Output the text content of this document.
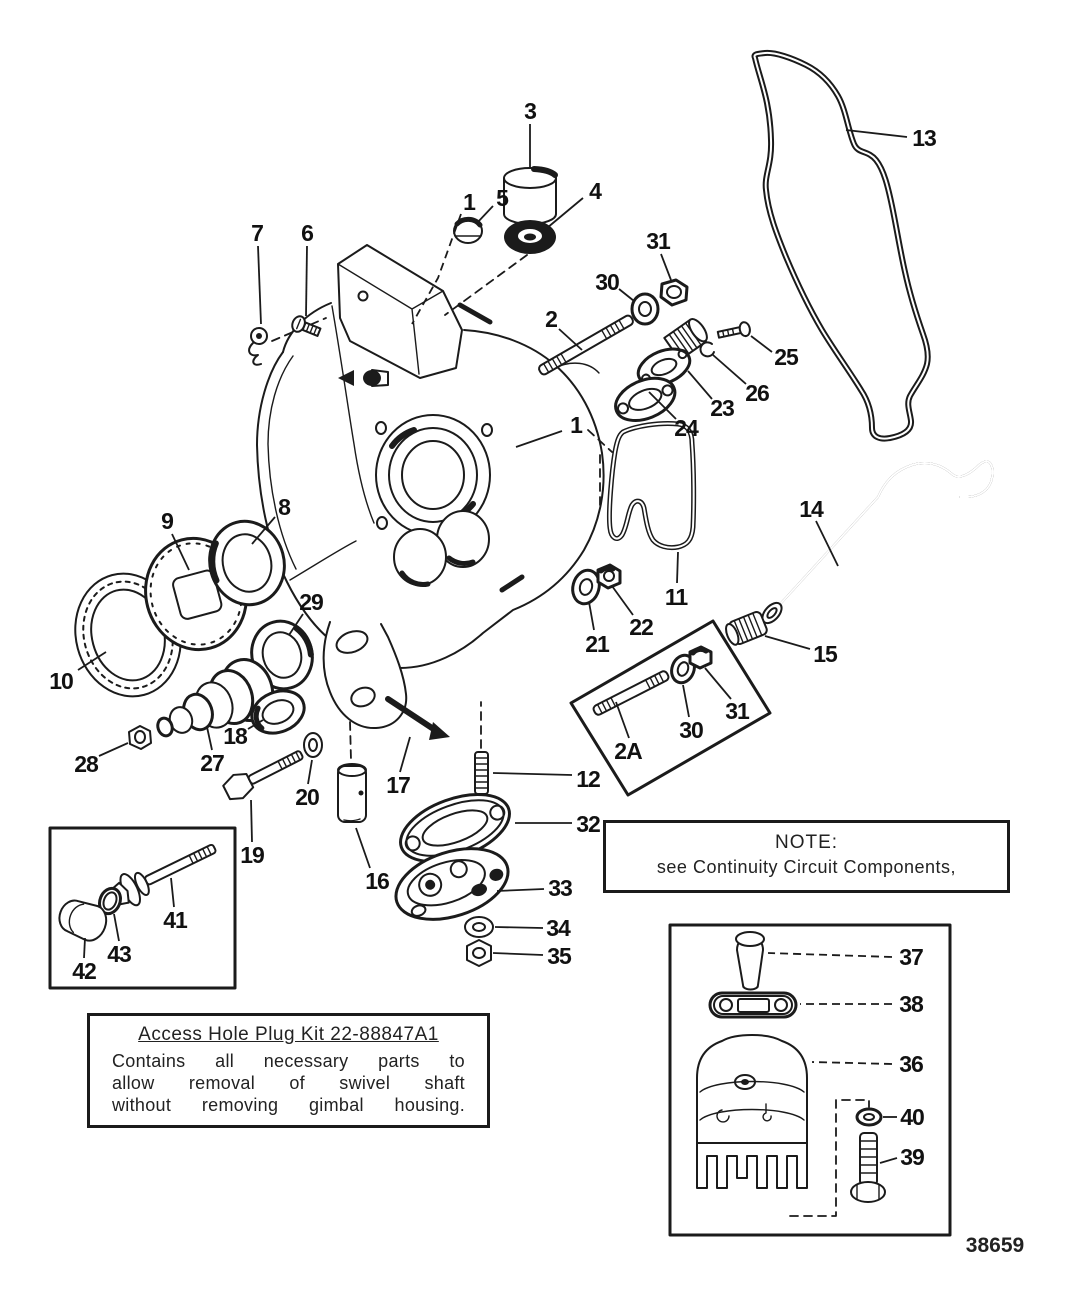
3
1 5	4
7 6	31
30
2
25
26
23
24
13
1
8
9
10
29
28	27
18
20
19
17
16
12
32
33
34
35
21
22
11
14
15
2A
30
31
41
43
42
37
38
36
40
39
NOTE:
see Continuity Circuit Components,
Access Hole Plug Kit 22-88847A1
Contains all necessary parts to
allow removal of swivel shaft
without removing gimbal housing.
38659
